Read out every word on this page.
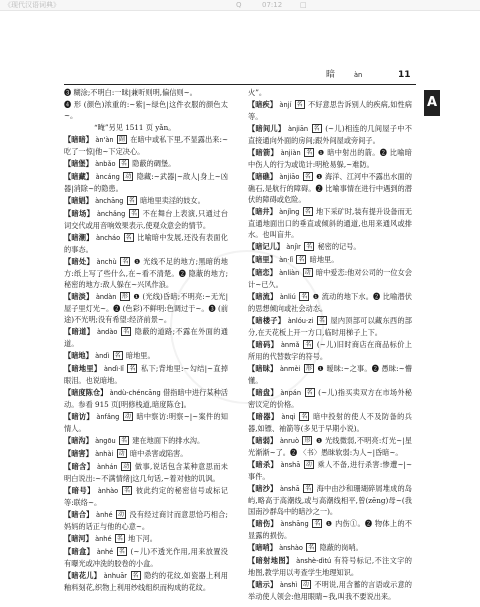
《现代汉语词典》	Q	07:12	□
暗	àn	11
A
❸ 糊涂;不明白:一昧|兼听则明,偏信则~。
❹ 形 (颜色)浓重的:~紫|~绿色|这件衣服的颜色太~。
“晻”另见 1511 页 yǎn。
【暗暗】 àn'àn 副 在暗中或私下里,不显露出来:~吃了一惊|他~下定决心。
【暗堡】 ànbǎo 名 隐蔽的碉堡。
【暗藏】 àncáng 动 隐藏:~武器|~敌人|身上~凶器|消除~的隐患。
【暗娼】 ànchāng 名 暗地里卖淫的妓女。
【暗场】 ànchǎng 名 不在舞台上表演,只通过台词交代或用音响效果表示,使观众意会的情节。
【暗潮】 àncháo 名 比喻暗中发展,还没有表面化的事态。
【暗处】 ànchù 名 ❶ 光线不足的地方;黑暗的地方:纸上写了些什么,在~看不清楚。❷ 隐蔽的地方;秘密的地方:敌人躲在~兴风作浪。
【暗淡】 àndàn 形 ❶ (光线)昏暗;不明亮:~无光|屋子里灯光~。❷ (色彩)不鲜明:色调过于~。❸ (前途)不光明;没有希望:经济前景~。
【暗道】 àndào 名 隐蔽的道路;不露在外面的通道。
【暗地】 àndì 名 暗地里。
【暗地里】 àndì·lǐ 名 私下;背地里:~勾结|~直掉眼泪。也说暗地。
【暗度陈仓】 àndù-chéncāng 借指暗中进行某种活动。参看 915 页[明修栈道,暗度陈仓]。
【暗访】 ànfǎng 动 暗中察访:明察~|~案件的知情人。
【暗沟】 àngōu 名 建在地面下的排水沟。
【暗害】 ànhài 动 暗中杀害或陷害。
【暗含】 ànhán 动 做事,说话包含某种意思而未明白说出:~不满情绪|这几句话,~着对他的讥讽。
【暗号】 ànhào 名 彼此约定的秘密信号或标记等:联络~。
【暗合】 ànhé 动 没有经过商讨而意思恰巧相合;妈妈的话正与他的心意~。
【暗河】 ànhé 名 地下河。
【暗盒】 ànhé 名 (~儿)不透光作用,用来放置没有曝光或冲洗的胶卷的小盒。
【暗花儿】 ànhuār 名 隐约的花纹,如瓷器上利用釉料刻花,织物上利用纱线组织而构成的花纹。
火”。
【暗疾】 ànjí 名 不好意思告诉别人的疾病,如性病等。
【暗间儿】 ànjiān 名 (~儿)相连的几间屋子中不直接通向外面的房间;跟外间屋或旁间子。
【暗箭】 ànjiàn 名 ❶ 暗中射出的箭。❷ 比喻暗中伤人的行为或诡计:明枪易躲,~难防。
【暗礁】 ànjiāo 名 ❶ 海洋、江河中不露出水面的礁石,是航行的障碍。❷ 比喻事情在进行中遇到的潜伏的障碍或危险。
【暗井】 ànjǐng 名 地下采矿时,装有提升设备而无直通地面出口的垂直或倾斜的通道,也用来通风或排水。也叫盲井。
【暗记儿】 ànjìr 名 秘密的记号。
【暗里】 àn·lǐ 名 暗地里。
【暗恋】 ànliàn 动 暗中爱恋:他对公司的一位女会计~已久。
【暗流】 ànliú 名 ❶ 流动的地下水。❷ 比喻潜伏的思想倾向或社会动态。
【暗楼子】 ànlóu·zi 名 屋内顶部可以藏东西的部分,在天花板上开一方口,临时用梯子上下。
【暗码】 ànmǎ 名 (~儿)旧时商店在商品标价上所用的代替数字的符号。
【暗昧】 ànmèi 形 ❶ 暧昧:~之事。❷ 愚昧:~懵懂。
【暗盘】 ànpán 名 (~儿)指买卖双方在市场外秘密议定的价格。
【暗器】 ànqì 名 暗中投射的使人不及防备的兵器,如镖、袖箭等(多见于早期小说)。
【暗弱】 ànruò 形 ❶ 光线微弱,不明亮:灯光~|星光渐渐~了。❷ 〈书〉愚昧软弱:为人~|昏暗~。
【暗杀】 ànshā 动 乘人不备,进行杀害:惨遭~|~事件。
【暗沙】 ànshā 名 海中由沙和珊瑚碎屑堆成的岛屿,略高于高潮线,或与高潮线相平,曾(zēng)母~(我国南沙群岛中的暗沙之一)。
【暗伤】 ànshāng 名 ❶ 内伤①。❷ 物体上的不显露的损伤。
【暗哨】 ànshào 名 隐蔽的岗哨。
【暗射地图】 ànshè-dìtú 有符号标记,不注文字的地图,教学用以考查学生地理知识。
【暗示】 ànshì 动 不明说,用含蓄的言语或示意的举动使人领会:他用眼睛~我,叫我不要说出来。
